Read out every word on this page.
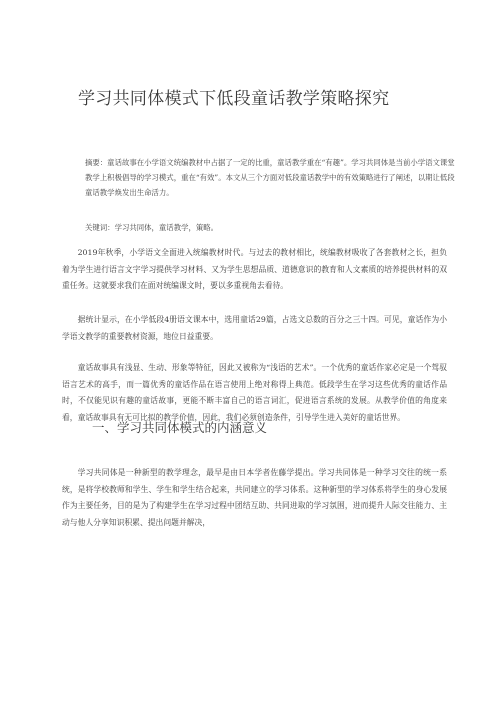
学习共同体模式下低段童话教学策略探究
摘要：童话故事在小学语文统编教材中占据了一定的比重，童话教学重在“有趣”。学习共同体是当前小学语文课堂教学上积极倡导的学习模式，重在“有效”。本文从三个方面对低段童话教学中的有效策略进行了阐述，以期让低段童话教学焕发出生命活力。
关键词：学习共同体，童话教学，策略。
2019年秋季，小学语文全面进入统编教材时代。与过去的教材相比，统编教材吸收了各套教材之长，担负着为学生进行语言文字学习提供学习材料、又为学生思想品质、道德意识的教育和人文素质的培养提供材料的双重任务。这就要求我们在面对统编课文时，要以多重视角去看待。
据统计显示，在小学低段4册语文课本中，选用童话29篇，占选文总数的百分之三十四。可见，童话作为小学语文教学的重要教材资源，地位日益重要。
童话故事具有浅显、生动、形象等特征，因此又被称为“浅语的艺术”。一个优秀的童话作家必定是一个驾驭语言艺术的高手，而一篇优秀的童话作品在语言使用上绝对称得上典范。低段学生在学习这些优秀的童话作品时，不仅能见识有趣的童话故事，更能不断丰富自己的语言词汇，促进语言系统的发展。从教学价值的角度来看，童话故事具有无可比拟的教学价值，因此，我们必须创造条件，引导学生进入美好的童话世界。
一、学习共同体模式的内涵意义
学习共同体是一种新型的教学理念，最早是由日本学者佐藤学提出。学习共同体是一种学习交往的统一系统，是将学校教师和学生、学生和学生结合起来，共同建立的学习体系。这种新型的学习体系将学生的身心发展作为主要任务，目的是为了构建学生在学习过程中团结互助、共同进取的学习氛围，进而提升人际交往能力、主动与他人分享知识积累、提出问题并解决，
